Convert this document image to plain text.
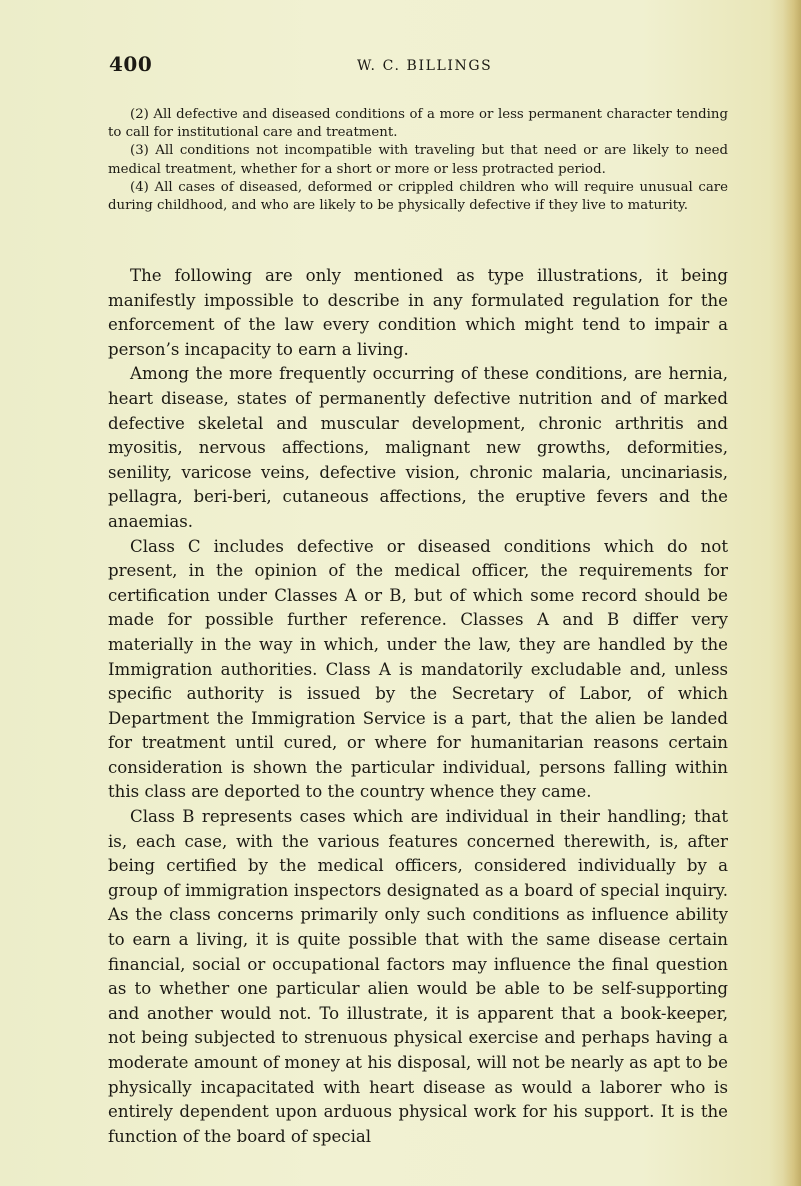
400	W. C. BILLINGS

(2) All defective and diseased conditions of a more or less permanent character tending to call for institutional care and treatment.

(3) All conditions not incompatible with traveling but that need or are likely to need medical treatment, whether for a short or more or less protracted period.

(4) All cases of diseased, deformed or crippled children who will require unusual care during childhood, and who are likely to be physically defective if they live to maturity.

The following are only mentioned as type illustrations, it being manifestly impossible to describe in any formulated regulation for the enforcement of the law every condition which might tend to impair a person’s incapacity to earn a living.

Among the more frequently occurring of these conditions, are hernia, heart disease, states of permanently defective nutrition and of marked defective skeletal and muscular development, chronic arthritis and myositis, nervous affections, malignant new growths, deformities, senility, varicose veins, defective vision, chronic malaria, uncinariasis, pellagra, beri-beri, cutaneous affections, the eruptive fevers and the anaemias.

Class C includes defective or diseased conditions which do not present, in the opinion of the medical officer, the requirements for certification under Classes A or B, but of which some record should be made for possible further reference. Classes A and B differ very materially in the way in which, under the law, they are handled by the Immigration authorities. Class A is mandatorily excludable and, unless specific authority is issued by the Secretary of Labor, of which Department the Immigration Service is a part, that the alien be landed for treatment until cured, or where for humanitarian reasons certain consideration is shown the particular individual, persons falling within this class are deported to the country whence they came.

Class B represents cases which are individual in their handling; that is, each case, with the various features concerned therewith, is, after being certified by the medical officers, considered individually by a group of immigration inspectors designated as a board of special inquiry. As the class concerns primarily only such conditions as influence ability to earn a living, it is quite possible that with the same disease certain financial, social or occupational factors may influence the final question as to whether one particular alien would be able to be self-supporting and another would not. To illustrate, it is apparent that a book-keeper, not being subjected to strenuous physical exercise and perhaps having a moderate amount of money at his disposal, will not be nearly as apt to be physically incapacitated with heart disease as would a laborer who is entirely dependent upon arduous physical work for his support. It is the function of the board of special
